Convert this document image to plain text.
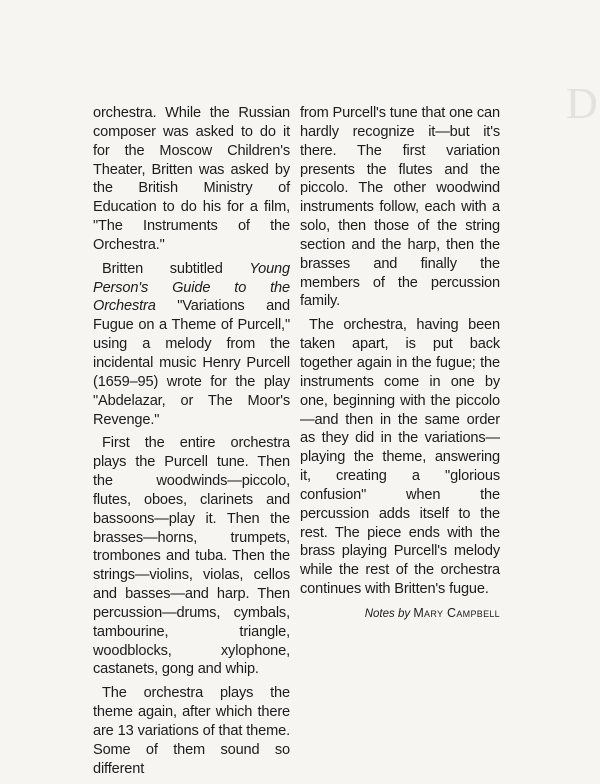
D

orchestra. While the Russian composer was asked to do it for the Moscow Children's Theater, Britten was asked by the British Ministry of Education to do his for a film, "The Instruments of the Orchestra."

Britten subtitled Young Person's Guide to the Orchestra "Variations and Fugue on a Theme of Purcell," using a melody from the incidental music Henry Purcell (1659–95) wrote for the play "Abdelazar, or The Moor's Revenge."

First the entire orchestra plays the Purcell tune. Then the woodwinds—piccolo, flutes, oboes, clarinets and bassoons—play it. Then the brasses—horns, trumpets, trombones and tuba. Then the strings—violins, violas, cellos and basses—and harp. Then percussion—drums, cymbals, tambourine, triangle, woodblocks, xylophone, castanets, gong and whip.

The orchestra plays the theme again, after which there are 13 variations of that theme. Some of them sound so different

from Purcell's tune that one can hardly recognize it—but it's there. The first variation presents the flutes and the piccolo. The other woodwind instruments follow, each with a solo, then those of the string section and the harp, then the brasses and finally the members of the percussion family.

The orchestra, having been taken apart, is put back together again in the fugue; the instruments come in one by one, beginning with the piccolo—and then in the same order as they did in the variations—playing the theme, answering it, creating a "glorious confusion" when the percussion adds itself to the rest. The piece ends with the brass playing Purcell's melody while the rest of the orchestra continues with Britten's fugue.

Notes by Mary Campbell
